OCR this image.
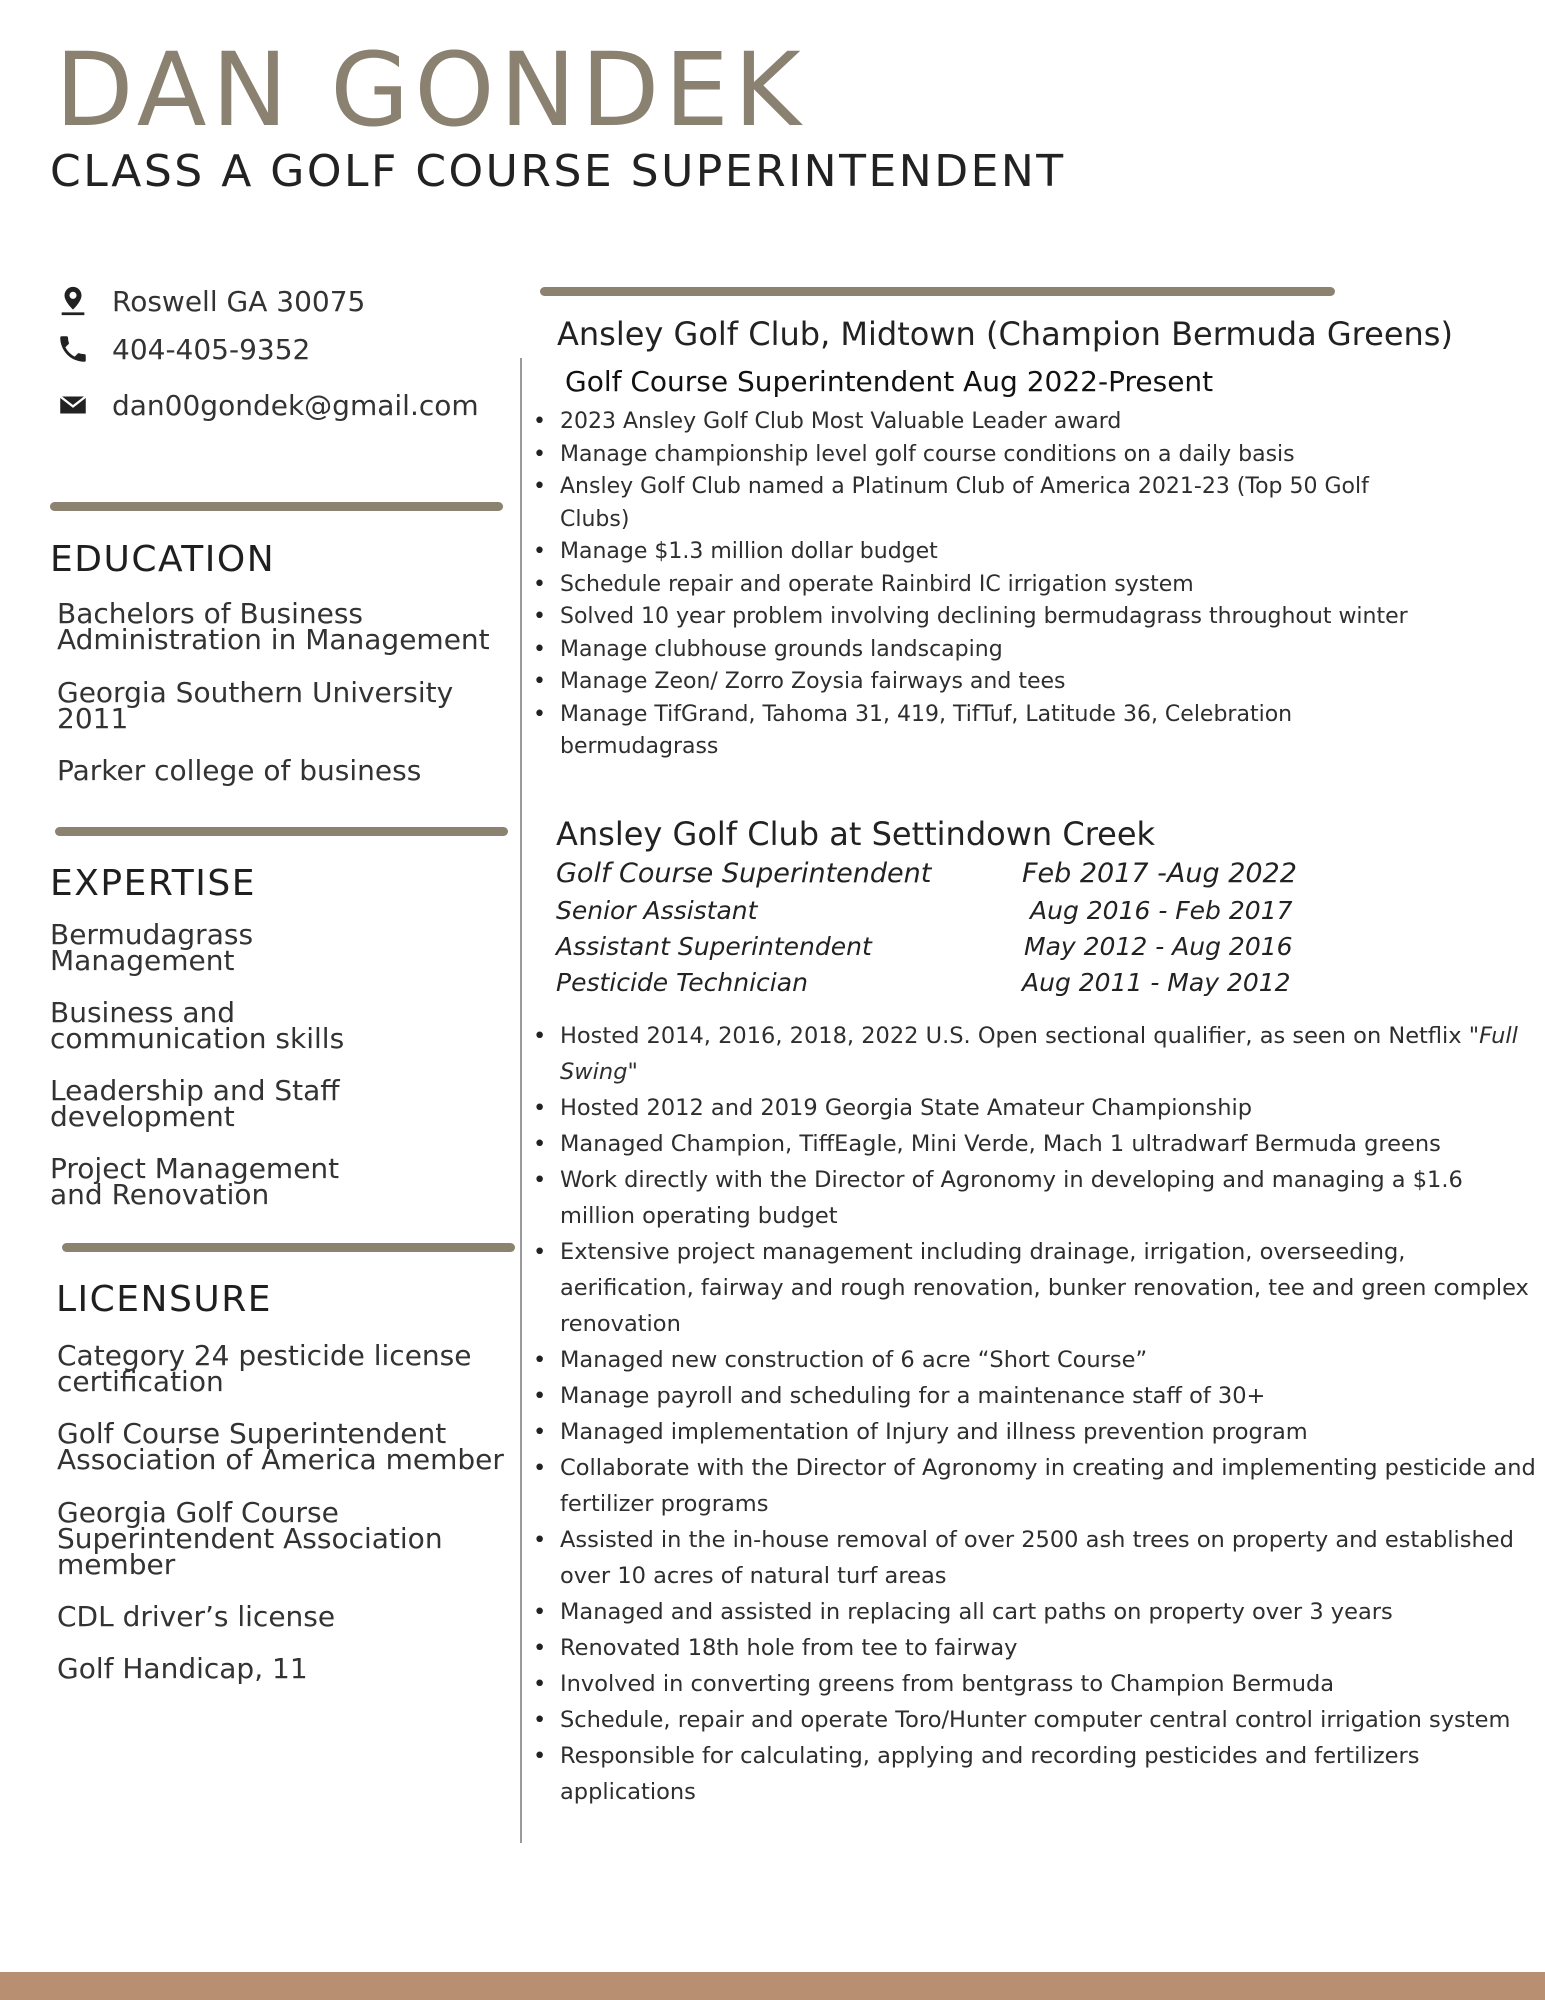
DAN GONDEK
CLASS A GOLF COURSE SUPERINTENDENT
Roswell GA 30075
404-405-9352
dan00gondek@gmail.com
EDUCATION
Bachelors of Business
Administration in Management
Georgia Southern University
2011
Parker college of business
EXPERTISE
Bermudagrass
Management
Business and
communication skills
Leadership and Staff
development
Project Management
and Renovation
LICENSURE
Category 24 pesticide license
certification
Golf Course Superintendent
Association of America member
Georgia Golf Course
Superintendent Association
member
CDL driver’s license
Golf Handicap, 11
Ansley Golf Club, Midtown (Champion Bermuda Greens)
Golf Course Superintendent Aug 2022-Present
• 2023 Ansley Golf Club Most Valuable Leader award
• Manage championship level golf course conditions on a daily basis
• Ansley Golf Club named a Platinum Club of America 2021-23 (Top 50 Golf Clubs)
• Manage $1.3 million dollar budget
• Schedule repair and operate Rainbird IC irrigation system
• Solved 10 year problem involving declining bermudagrass throughout winter
• Manage clubhouse grounds landscaping
• Manage Zeon/ Zorro Zoysia fairways and tees
• Manage TifGrand, Tahoma 31, 419, TifTuf, Latitude 36, Celebration bermudagrass
Ansley Golf Club at Settindown Creek
Golf Course Superintendent	Feb 2017 -Aug 2022
Senior Assistant	Aug 2016 - Feb 2017
Assistant Superintendent	May 2012 - Aug 2016
Pesticide Technician	Aug 2011 - May 2012
• Hosted 2014, 2016, 2018, 2022 U.S. Open sectional qualifier, as seen on Netflix "Full Swing"
• Hosted 2012 and 2019 Georgia State Amateur Championship
• Managed Champion, TiffEagle, Mini Verde, Mach 1 ultradwarf Bermuda greens
• Work directly with the Director of Agronomy in developing and managing a $1.6 million operating budget
• Extensive project management including drainage, irrigation, overseeding, aerification, fairway and rough renovation, bunker renovation, tee and green complex renovation
• Managed new construction of 6 acre “Short Course”
• Manage payroll and scheduling for a maintenance staff of 30+
• Managed implementation of Injury and illness prevention program
• Collaborate with the Director of Agronomy in creating and implementing pesticide and fertilizer programs
• Assisted in the in-house removal of over 2500 ash trees on property and established over 10 acres of natural turf areas
• Managed and assisted in replacing all cart paths on property over 3 years
• Renovated 18th hole from tee to fairway
• Involved in converting greens from bentgrass to Champion Bermuda
• Schedule, repair and operate Toro/Hunter computer central control irrigation system
• Responsible for calculating, applying and recording pesticides and fertilizers applications
